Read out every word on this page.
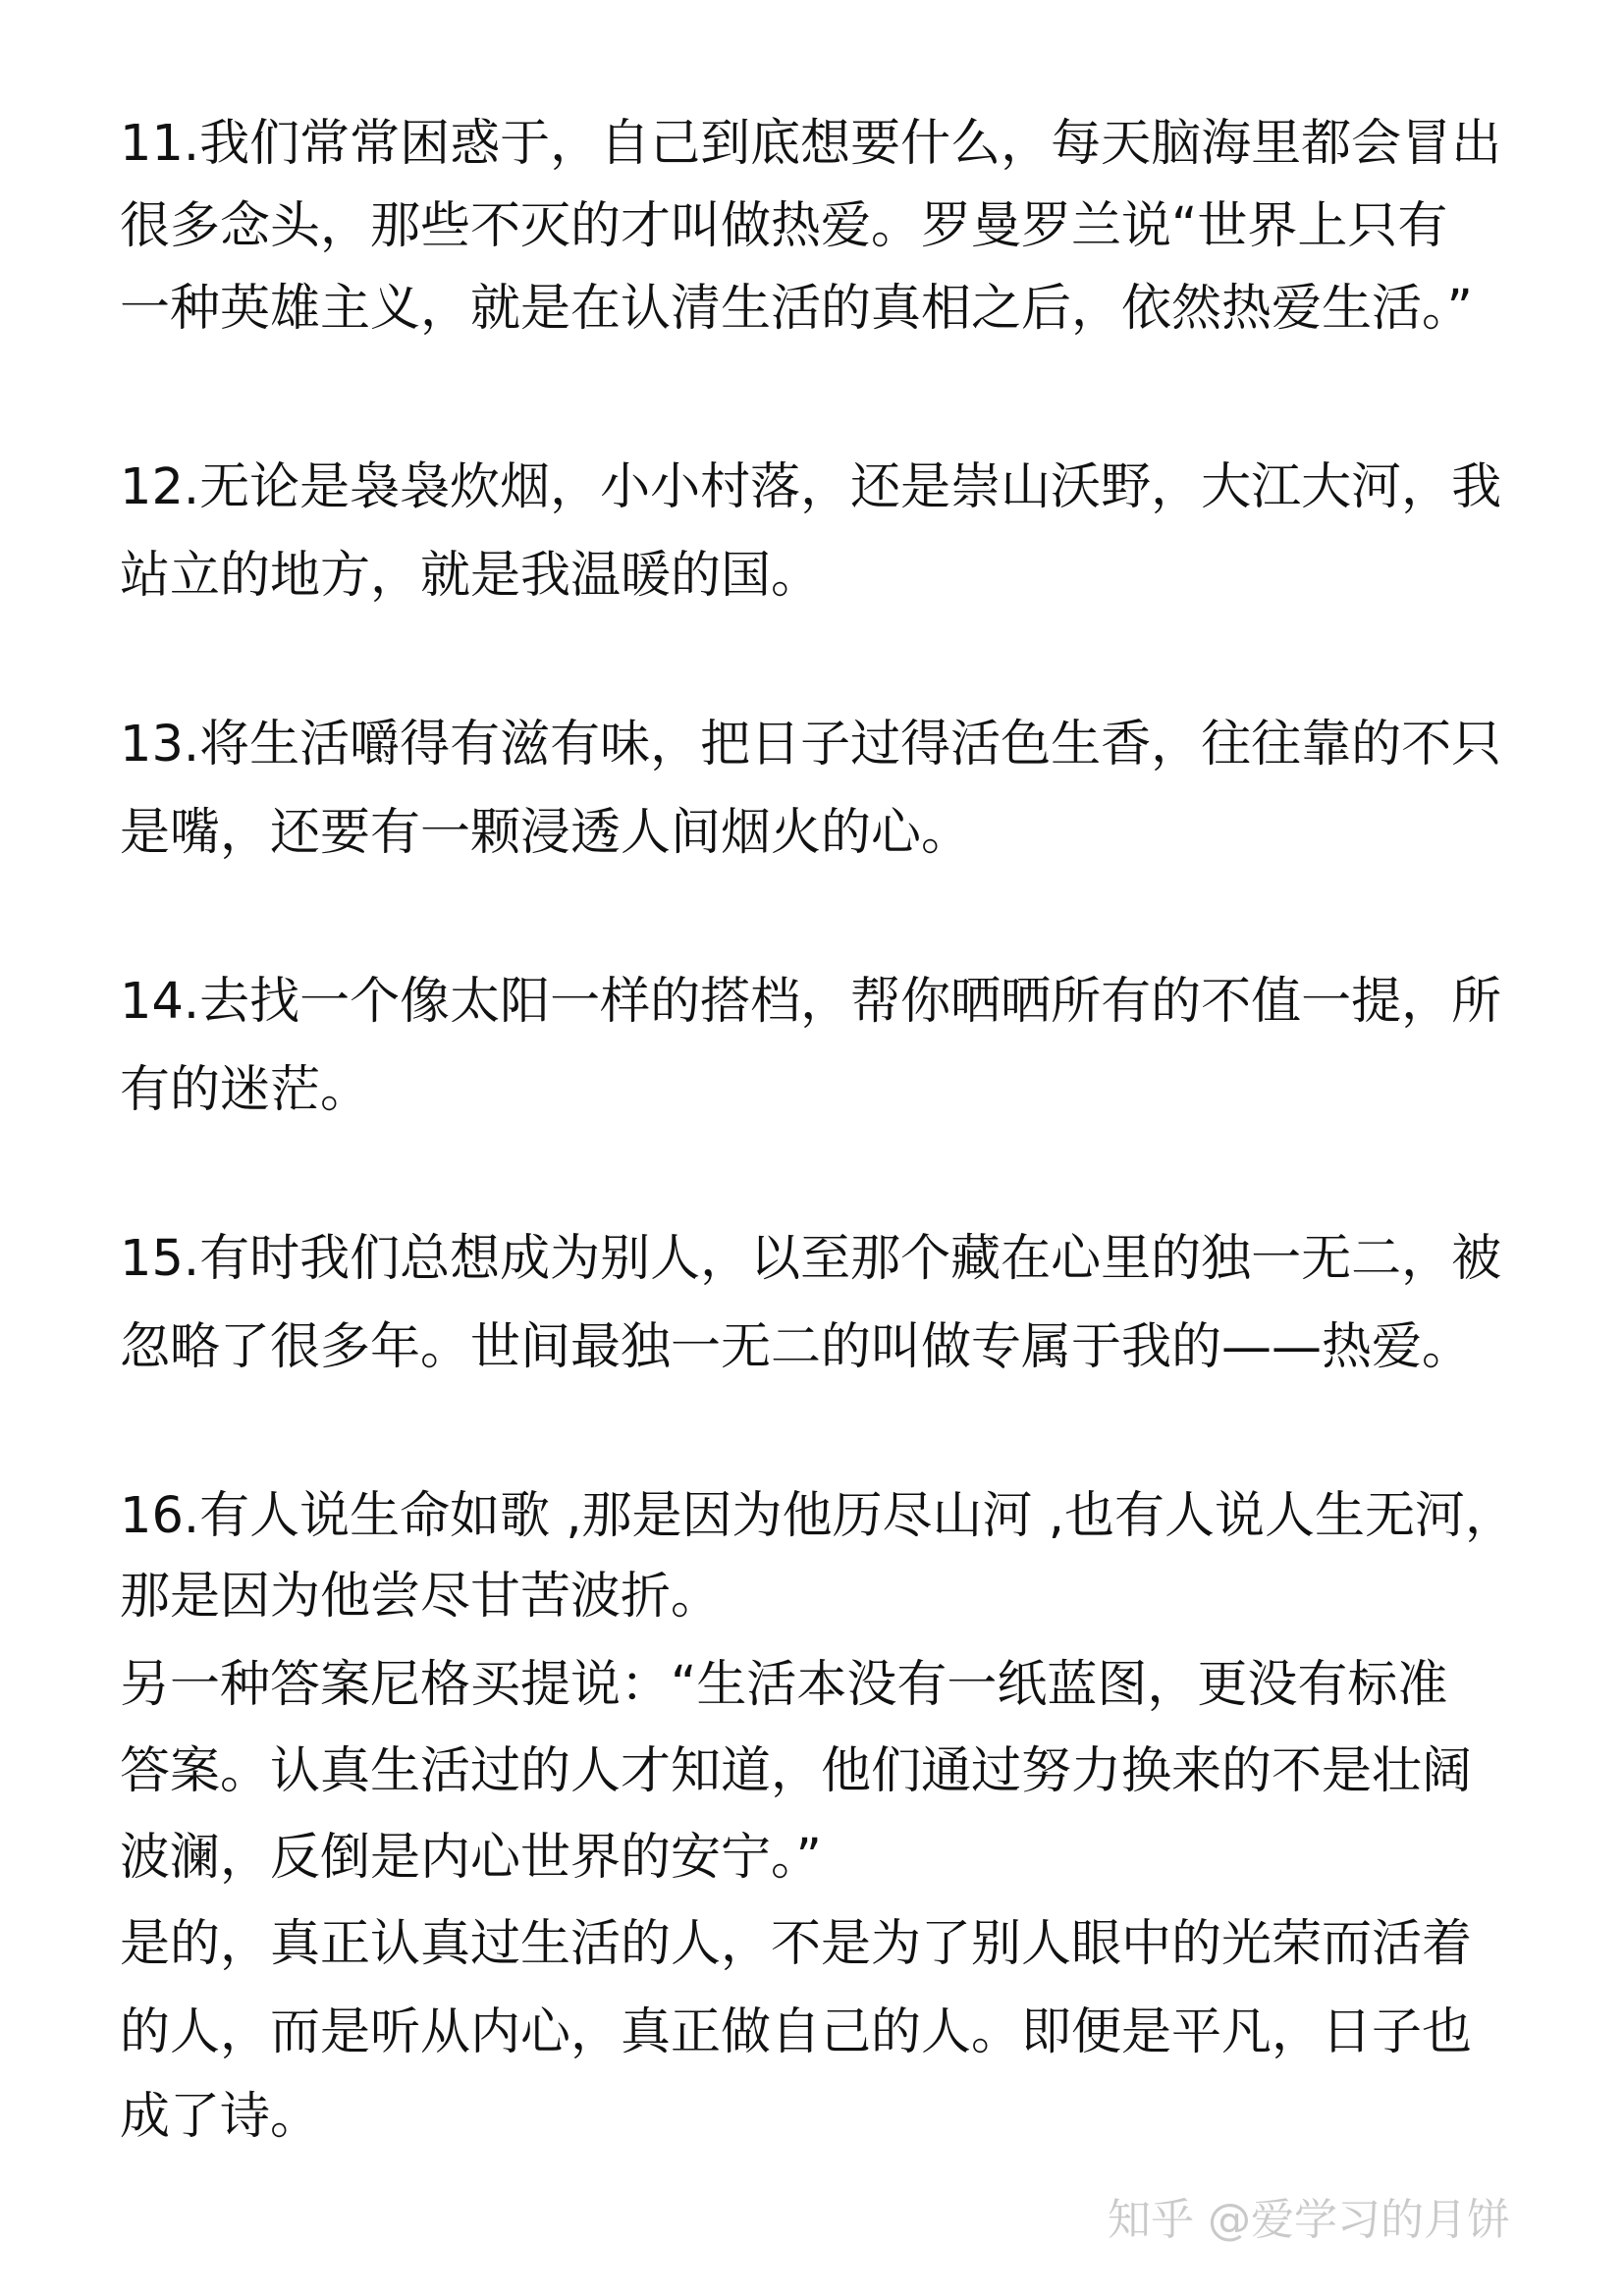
11.我们常常困惑于，自己到底想要什么，每天脑海里都会冒出
很多念头，那些不灭的才叫做热爱。罗曼罗兰说“世界上只有
一种英雄主义，就是在认清生活的真相之后，依然热爱生活。”
12.无论是袅袅炊烟，小小村落，还是崇山沃野，大江大河，我
站立的地方，就是我温暖的国。
13.将生活嚼得有滋有味，把日子过得活色生香，往往靠的不只
是嘴，还要有一颗浸透人间烟火的心。
14.去找一个像太阳一样的搭档，帮你晒晒所有的不值一提，所
有的迷茫。
15.有时我们总想成为别人，以至那个藏在心里的独一无二，被
忽略了很多年。世间最独一无二的叫做专属于我的——热爱。
16.有人说生命如歌 ,那是因为他历尽山河 ,也有人说人生无河，
那是因为他尝尽甘苦波折。
另一种答案尼格买提说：“生活本没有一纸蓝图，更没有标准
答案。认真生活过的人才知道，他们通过努力换来的不是壮阔
波澜，反倒是内心世界的安宁。”
是的，真正认真过生活的人，不是为了别人眼中的光荣而活着
的人，而是听从内心，真正做自己的人。即便是平凡，日子也
成了诗。
知乎 @爱学习的月饼
